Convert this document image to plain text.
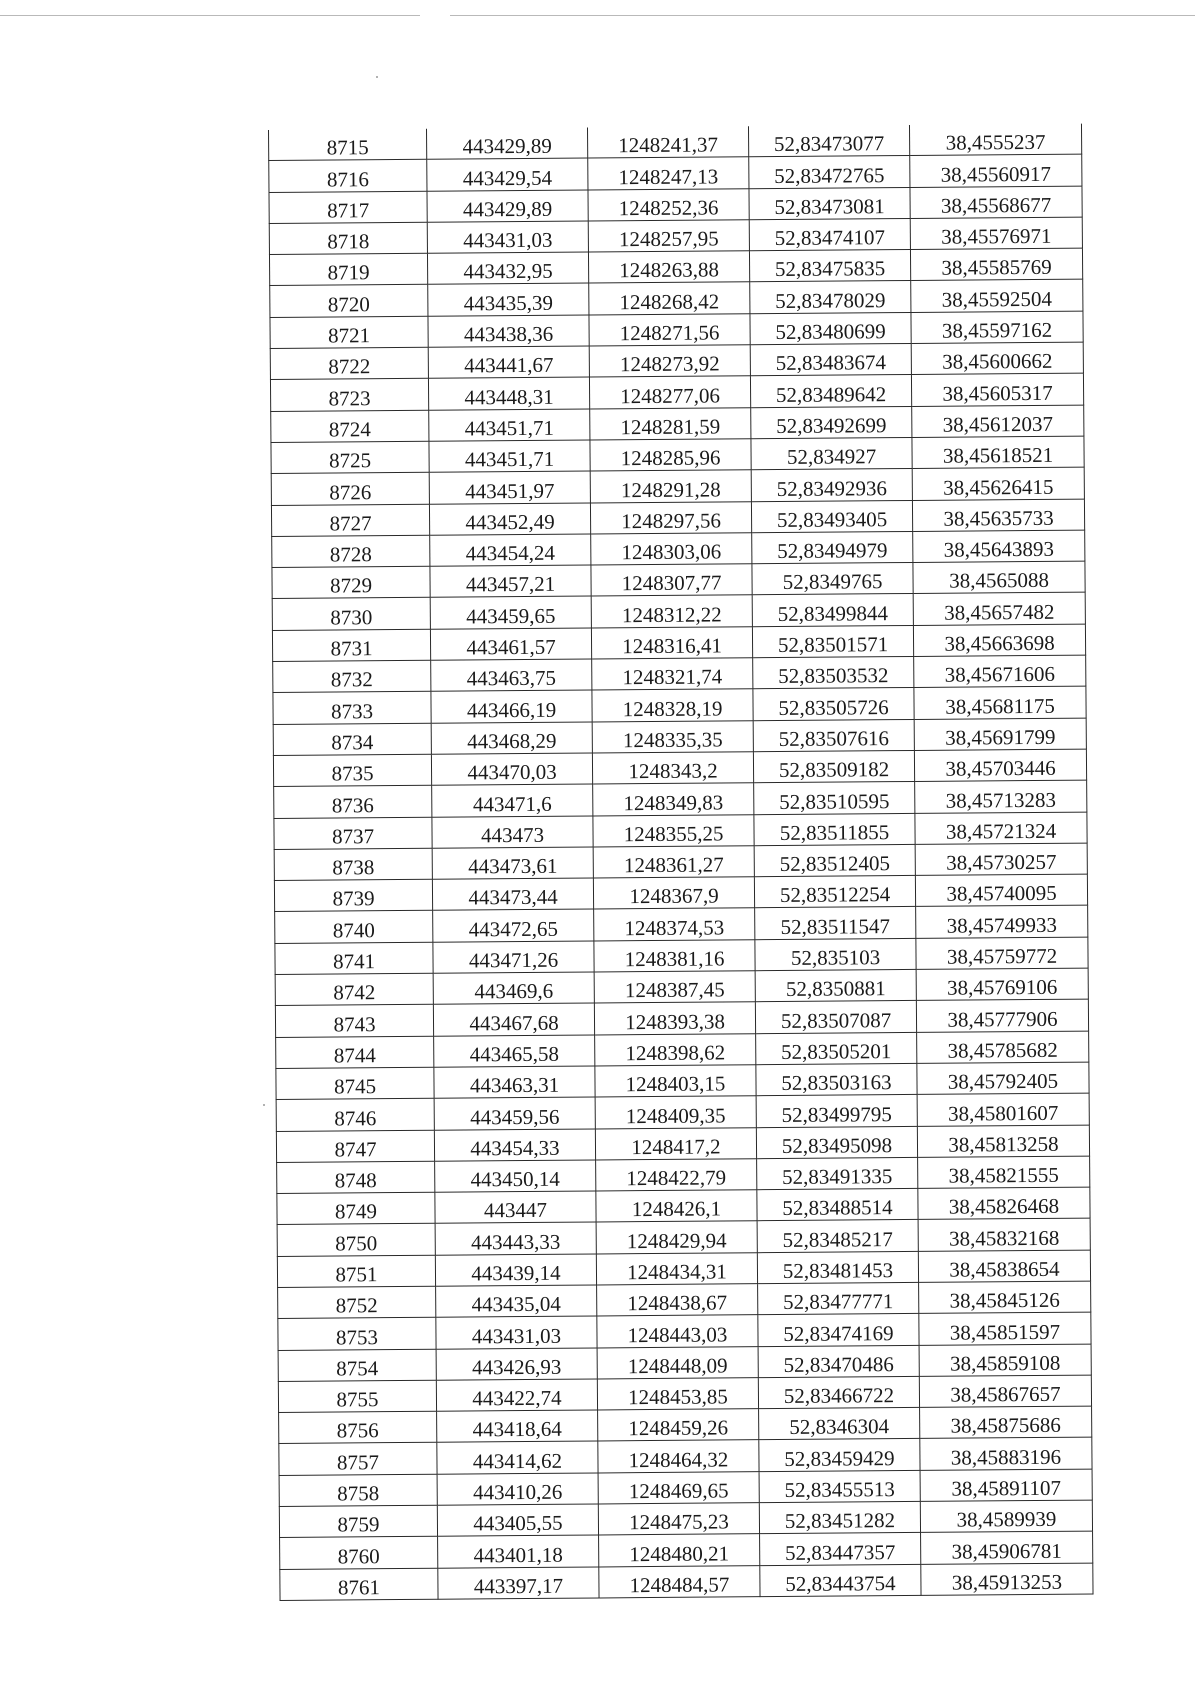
8715	443429,89	1248241,37	52,83473077	38,4555237
8716	443429,54	1248247,13	52,83472765	38,45560917
8717	443429,89	1248252,36	52,83473081	38,45568677
8718	443431,03	1248257,95	52,83474107	38,45576971
8719	443432,95	1248263,88	52,83475835	38,45585769
8720	443435,39	1248268,42	52,83478029	38,45592504
8721	443438,36	1248271,56	52,83480699	38,45597162
8722	443441,67	1248273,92	52,83483674	38,45600662
8723	443448,31	1248277,06	52,83489642	38,45605317
8724	443451,71	1248281,59	52,83492699	38,45612037
8725	443451,71	1248285,96	52,834927	38,45618521
8726	443451,97	1248291,28	52,83492936	38,45626415
8727	443452,49	1248297,56	52,83493405	38,45635733
8728	443454,24	1248303,06	52,83494979	38,45643893
8729	443457,21	1248307,77	52,8349765	38,4565088
8730	443459,65	1248312,22	52,83499844	38,45657482
8731	443461,57	1248316,41	52,83501571	38,45663698
8732	443463,75	1248321,74	52,83503532	38,45671606
8733	443466,19	1248328,19	52,83505726	38,45681175
8734	443468,29	1248335,35	52,83507616	38,45691799
8735	443470,03	1248343,2	52,83509182	38,45703446
8736	443471,6	1248349,83	52,83510595	38,45713283
8737	443473	1248355,25	52,83511855	38,45721324
8738	443473,61	1248361,27	52,83512405	38,45730257
8739	443473,44	1248367,9	52,83512254	38,45740095
8740	443472,65	1248374,53	52,83511547	38,45749933
8741	443471,26	1248381,16	52,835103	38,45759772
8742	443469,6	1248387,45	52,8350881	38,45769106
8743	443467,68	1248393,38	52,83507087	38,45777906
8744	443465,58	1248398,62	52,83505201	38,45785682
8745	443463,31	1248403,15	52,83503163	38,45792405
8746	443459,56	1248409,35	52,83499795	38,45801607
8747	443454,33	1248417,2	52,83495098	38,45813258
8748	443450,14	1248422,79	52,83491335	38,45821555
8749	443447	1248426,1	52,83488514	38,45826468
8750	443443,33	1248429,94	52,83485217	38,45832168
8751	443439,14	1248434,31	52,83481453	38,45838654
8752	443435,04	1248438,67	52,83477771	38,45845126
8753	443431,03	1248443,03	52,83474169	38,45851597
8754	443426,93	1248448,09	52,83470486	38,45859108
8755	443422,74	1248453,85	52,83466722	38,45867657
8756	443418,64	1248459,26	52,8346304	38,45875686
8757	443414,62	1248464,32	52,83459429	38,45883196
8758	443410,26	1248469,65	52,83455513	38,45891107
8759	443405,55	1248475,23	52,83451282	38,4589939
8760	443401,18	1248480,21	52,83447357	38,45906781
8761	443397,17	1248484,57	52,83443754	38,45913253
